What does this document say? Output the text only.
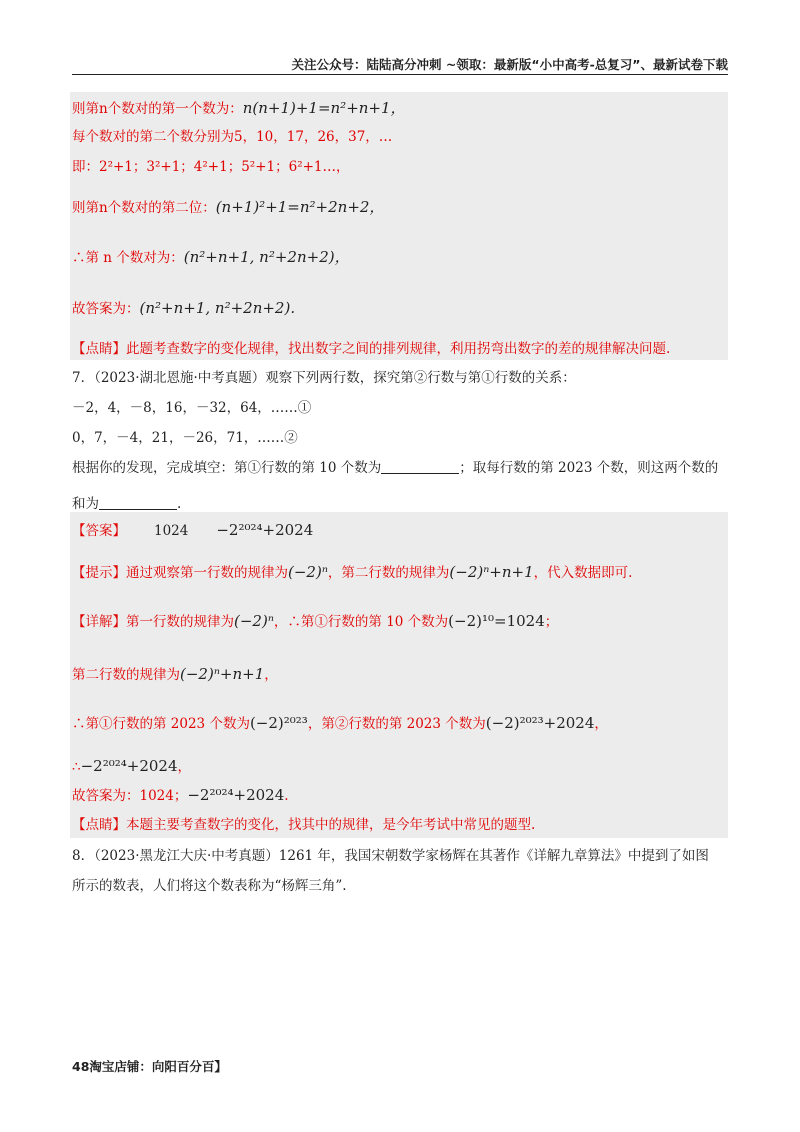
关注公众号：陆陆高分冲刺 ~领取：最新版“小中高考-总复习”、最新试卷下载
则第n个数对的第一个数为：n(n+1)+1=n²+n+1，
每个数对的第二个数分别为5，10，17，26，37，…
即：2²+1；3²+1；4²+1；5²+1；6²+1…，
则第n个数对的第二位：(n+1)²+1=n²+2n+2，
∴第 n 个数对为：(n²+n+1, n²+2n+2)，
故答案为：(n²+n+1, n²+2n+2).
【点睛】此题考查数字的变化规律，找出数字之间的排列规律，利用拐弯出数字的差的规律解决问题.
7．（2023·湖北恩施·中考真题）观察下列两行数，探究第②行数与第①行数的关系：
－2，4，－8，16，－32，64，……①
0，7，－4，21，－26，71，……②
根据你的发现，完成填空：第①行数的第 10 个数为	；取每行数的第 2023 个数，则这两个数的
和为	.
【答案】 1024 −2²⁰²⁴+2024
【提示】通过观察第一行数的规律为(−2)ⁿ，第二行数的规律为(−2)ⁿ+n+1，代入数据即可.
【详解】第一行数的规律为(−2)ⁿ，∴第①行数的第 10 个数为(−2)¹⁰=1024；
第二行数的规律为(−2)ⁿ+n+1，
∴第①行数的第 2023 个数为(−2)²⁰²³，第②行数的第 2023 个数为(−2)²⁰²³+2024，
∴−2²⁰²⁴+2024，
故答案为：1024；−2²⁰²⁴+2024.
【点睛】本题主要考查数字的变化，找其中的规律，是今年考试中常见的题型.
8．（2023·黑龙江大庆·中考真题）1261 年，我国宋朝数学家杨辉在其著作《详解九章算法》中提到了如图
所示的数表，人们将这个数表称为“杨辉三角”.
48淘宝店铺：向阳百分百】
